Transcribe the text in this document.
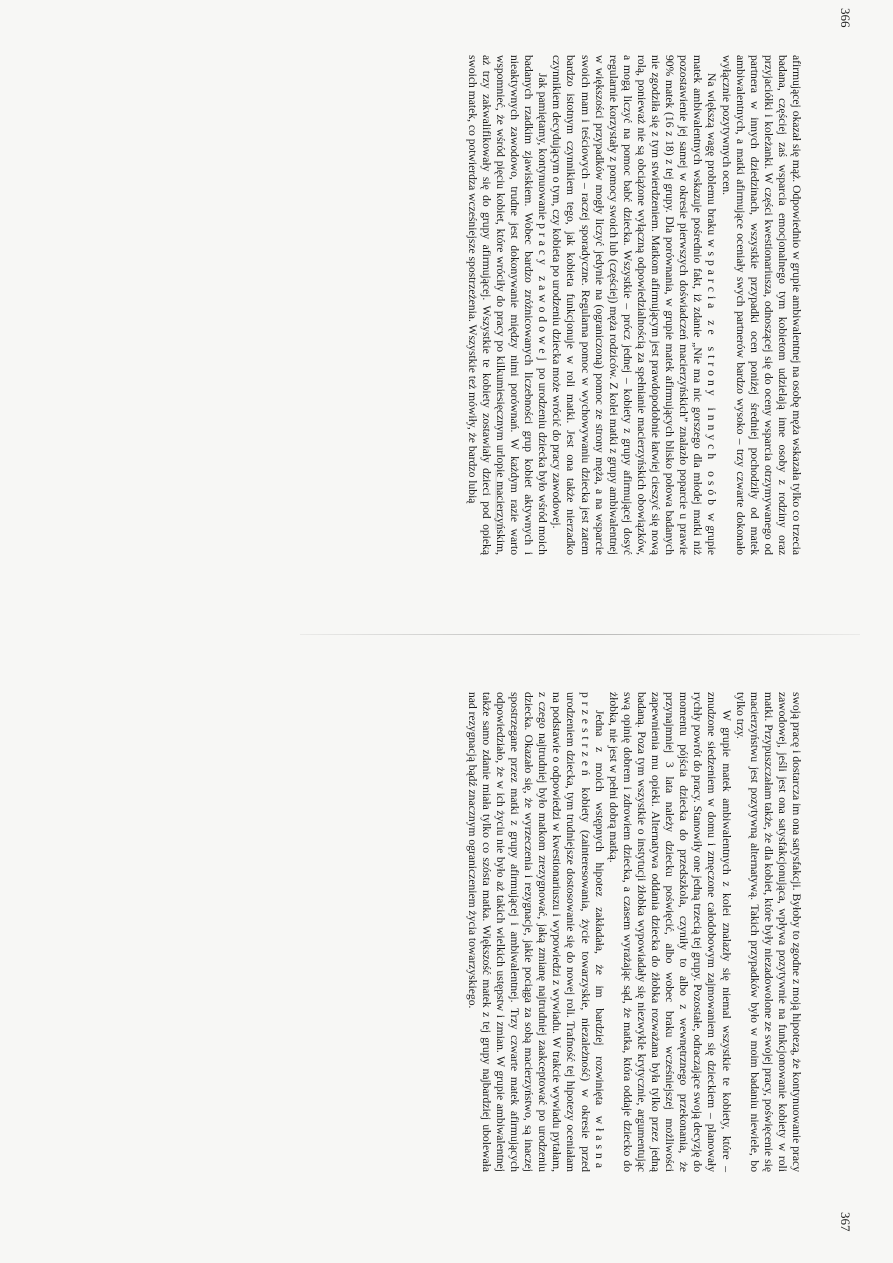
366

afirmującej okazał się mąż. Odpowiednio w grupie ambiwalentnej na osobę męża wskazała tylko co trzecia badana, częściej zaś wsparcia emocjonalnego tym kobietom udzielają inne osoby z rodziny oraz przyjaciółki i koleżanki. W części kwestionariusza, odnoszącej się do oceny wsparcia otrzymywanego od partnera w innych dziedzinach, wszystkie przypadki ocen poniżej średniej pochodziły od matek ambiwalentnych, a matki afirmujące oceniały swych partnerów bardzo wysoko – trzy czwarte dokonało wyłącznie pozytywnych ocen.

Na większą wagę problemu braku wsparcia ze strony innych osób w grupie matek ambiwalentnych wskazuje pośrednio fakt, iż zdanie „Nie ma nic gorszego dla młodej matki niż pozostawienie jej samej w okresie pierwszych doświadczeń macierzyńskich” znalazło poparcie u prawie 90% matek (16 z 18) z tej grupy. Dla porównania, w grupie matek afirmujących blisko połowa badanych nie zgodziła się z tym stwierdzeniem. Matkom afirmującym jest prawdopodobnie łatwiej cieszyć się nową rolą, ponieważ nie są obciążone wyłączną odpowiedzialnością za spełnianie macierzyńskich obowiązków, a mogą liczyć na pomoc babć dziecka. Wszystkie – prócz jednej – kobiety z grupy afirmującej dosyć regularnie korzystały z pomocy swoich lub (częściej) męża rodziców. Z kolei matki z grupy ambiwalentnej w większości przypadków mogły liczyć jedynie na (ograniczoną) pomoc ze strony męża, a na wsparcie swoich mam i teściowych – raczej sporadyczne. Regularna pomoc w wychowywaniu dziecka jest zatem bardzo istotnym czynnikiem tego, jak kobieta funkcjonuje w roli matki. Jest ona także nierzadko czynnikiem decydującym o tym, czy kobieta po urodzeniu dziecka może wrócić do pracy zawodowej.

Jak pamiętamy, kontynuowanie pracy zawodowej po urodzeniu dziecka było wśród moich badanych rzadkim zjawiskiem. Wobec bardzo zróżnicowanych liczebności grup kobiet aktywnych i nieaktywnych zawodowo, trudne jest dokonywanie między nimi porównań. W każdym razie warto wspomnieć, że wśród pięciu kobiet, które wróciły do pracy po kilkumiesięcznym urlopie macierzyńskim, aż trzy zakwalifikowały się do grupy afirmującej. Wszystkie te kobiety zostawiały dzieci pod opieką swoich matek, co potwierdza wcześniejsze spostrzeżenia. Wszystkie też mówiły, że bardzo lubią

367

swoją pracę i dostarcza im ona satysfakcji. Byłoby to zgodne z moją hipotezą, że kontynuowanie pracy zawodowej, jeśli jest ona satysfakcjonująca, wpływa pozytywnie na funkcjonowanie kobiety w roli matki. Przypuszczałam także, że dla kobiet, które były niezadowolone ze swojej pracy, poświęcenie się macierzyństwu jest pozytywną alternatywą. Takich przypadków było w moim badaniu niewiele, bo tylko trzy.

W grupie matek ambiwalentnych z kolei znalazły się niemal wszystkie te kobiety, które – znudzone siedzeniem w domu i zmęczone całodobowym zajmowaniem się dzieckiem – planowały rychły powrót do pracy. Stanowiły one jedną trzecią tej grupy. Pozostałe, odraczające swoją decyzję do momentu pójścia dziecka do przedszkola, czyniły to albo z wewnętrznego przekonania, że przynajmniej 3 lata należy dziecku poświęcić, albo wobec braku wcześniejszej możliwości zapewnienia mu opieki. Alternatywa oddania dziecka do żłobka rozważana była tylko przez jedną badaną. Poza tym wszystkie o instytucji żłobka wypowiadały się niezwykle krytycznie, argumentując swą opinię dobrem i zdrowiem dziecka, a czasem wyrażając sąd, że matka, która oddaje dziecko do żłobka, nie jest w pełni dobrą matką.

Jedna z moich wstępnych hipotez zakładała, że im bardziej rozwinięta własna przestrzeń kobiety (zainteresowania, życie towarzyskie, niezależność) w okresie przed urodzeniem dziecka, tym trudniejsze dostosowanie się do nowej roli. Trafność tej hipotezy oceniałam na podstawie o odpowiedzi w kwestionariuszu i wypowiedzi z wywiadu. W trakcie wywiadu pytałam, z czego najtrudniej było matkom zrezygnować, jaką zmianę najtrudniej zaakceptować po urodzeniu dziecka. Okazało się, że wyrzeczenia i rezygnacje, jakie pociąga za sobą macierzyństwo, są inaczej spostrzegane przez matki z grupy afirmującej i ambiwalentnej. Trzy czwarte matek afirmujących odpowiedziało, że w ich życiu nie było aż takich wielkich ustępstw i zmian. W grupie ambiwalentnej także samo zdanie miała tylko co szósta matka. Większość matek z tej grupy najbardziej ubolewała nad rezygnacją bądź znacznym ograniczeniem życia towarzyskiego.
